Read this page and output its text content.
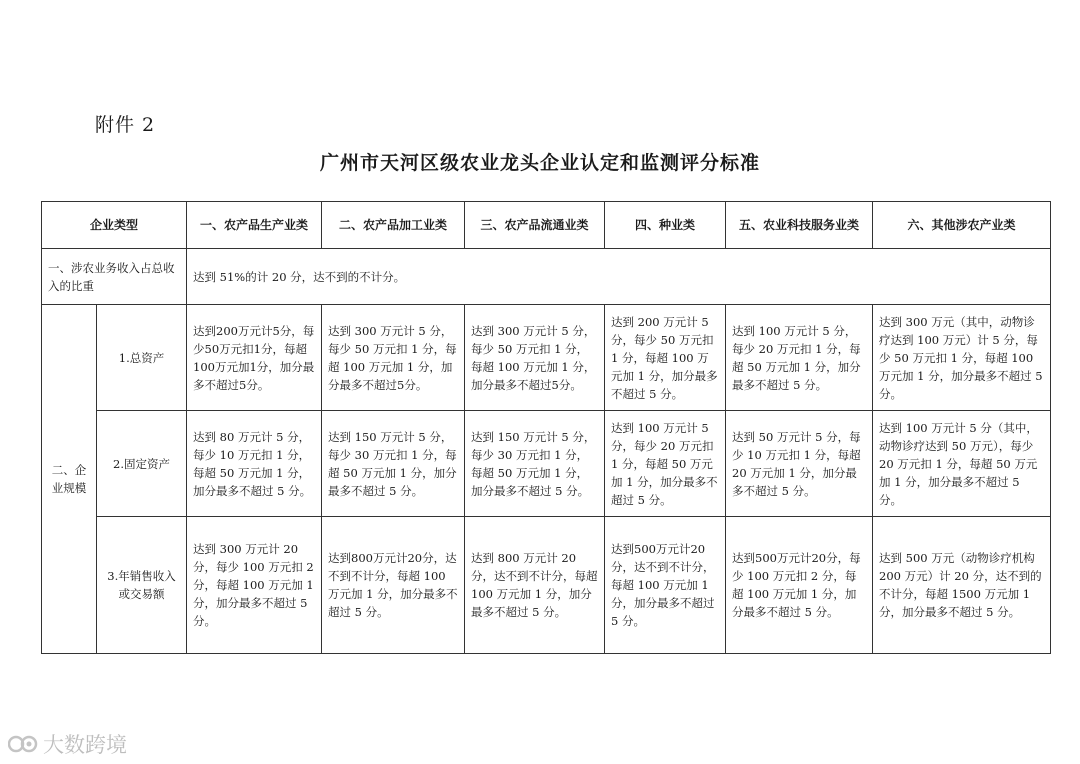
附件 2
广州市天河区级农业龙头企业认定和监测评分标准
企业类型		一、农产品生产业类	二、农产品加工业类	三、农产品流通业类	四、种业类	五、农业科技服务业类	六、其他涉农产业类
一、涉农业务收入占总收入的比重		达到 51%的计 20 分，达不到的不计分。					
二、企业规模	1.总资产	达到200万元计5分，每少50万元扣1分，每超100万元加1分，加分最多不超过5分。	达到 300 万元计 5 分，每少 50 万元扣 1 分，每超 100 万元加 1 分，加分最多不超过5分。	达到 300 万元计 5 分，每少 50 万元扣 1 分，每超 100 万元加 1 分，加分最多不超过5分。	达到 200 万元计 5 分，每少 50 万元扣 1 分，每超 100 万元加 1 分，加分最多不超过 5 分。	达到 100 万元计 5 分，每少 20 万元扣 1 分，每超 50 万元加 1 分，加分最多不超过 5 分。	达到 300 万元（其中，动物诊疗达到 100 万元）计 5 分，每少 50 万元扣 1 分，每超 100 万元加 1 分，加分最多不超过 5 分。
	2.固定资产	达到 80 万元计 5 分，每少 10 万元扣 1 分，每超 50 万元加 1 分，加分最多不超过 5 分。	达到 150 万元计 5 分，每少 30 万元扣 1 分，每超 50 万元加 1 分，加分最多不超过 5 分。	达到 150 万元计 5 分，每少 30 万元扣 1 分，每超 50 万元加 1 分，加分最多不超过 5 分。	达到 100 万元计 5 分，每少 20 万元扣 1 分，每超 50 万元加 1 分，加分最多不超过 5 分。	达到 50 万元计 5 分，每少 10 万元扣 1 分，每超 20 万元加 1 分，加分最多不超过 5 分。	达到 100 万元计 5 分（其中，动物诊疗达到 50 万元），每少 20 万元扣 1 分，每超 50 万元加 1 分，加分最多不超过 5 分。
	3.年销售收入或交易额	达到 300 万元计 20 分，每少 100 万元扣 2 分，每超 100 万元加 1 分，加分最多不超过 5 分。	达到800万元计20分，达不到不计分，每超 100 万元加 1 分，加分最多不超过 5 分。	达到 800 万元计 20 分，达不到不计分，每超 100 万元加 1 分，加分最多不超过 5 分。	达到500万元计20分，达不到不计分，每超 100 万元加 1 分，加分最多不超过 5 分。	达到500万元计20分，每少 100 万元扣 2 分，每超 100 万元加 1 分，加分最多不超过 5 分。	达到 500 万元（动物诊疗机构 200 万元）计 20 分，达不到的不计分，每超 1500 万元加 1 分，加分最多不超过 5 分。
大数跨境
